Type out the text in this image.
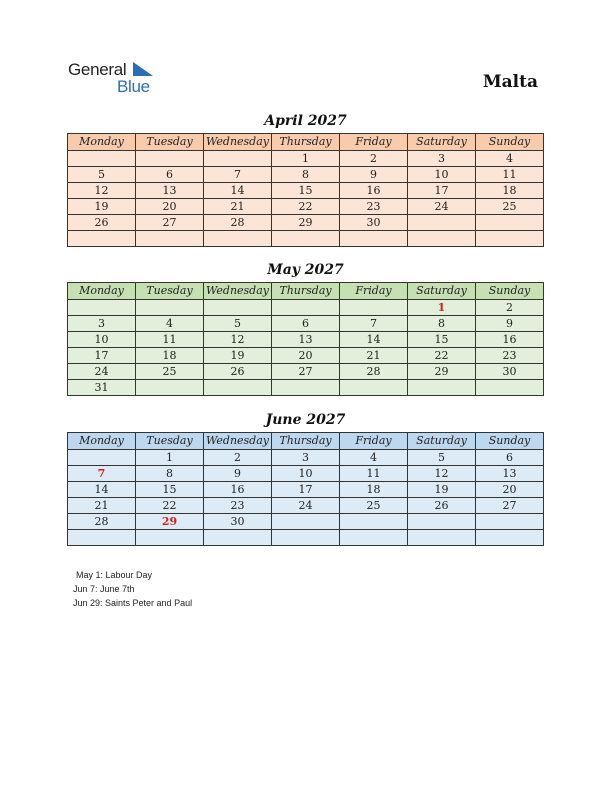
General
Blue	Malta
April 2027
Monday	Tuesday	Wednesday	Thursday	Friday	Saturday	Sunday
			1	2	3	4
5	6	7	8	9	10	11
12	13	14	15	16	17	18
19	20	21	22	23	24	25
26	27	28	29	30		

May 2027
Monday	Tuesday	Wednesday	Thursday	Friday	Saturday	Sunday
					1	2
3	4	5	6	7	8	9
10	11	12	13	14	15	16
17	18	19	20	21	22	23
24	25	26	27	28	29	30
31						
June 2027
Monday	Tuesday	Wednesday	Thursday	Friday	Saturday	Sunday
	1	2	3	4	5	6
7	8	9	10	11	12	13
14	15	16	17	18	19	20
21	22	23	24	25	26	27
28	29	30				

May 1: Labour Day
Jun 7: June 7th
Jun 29: Saints Peter and Paul
